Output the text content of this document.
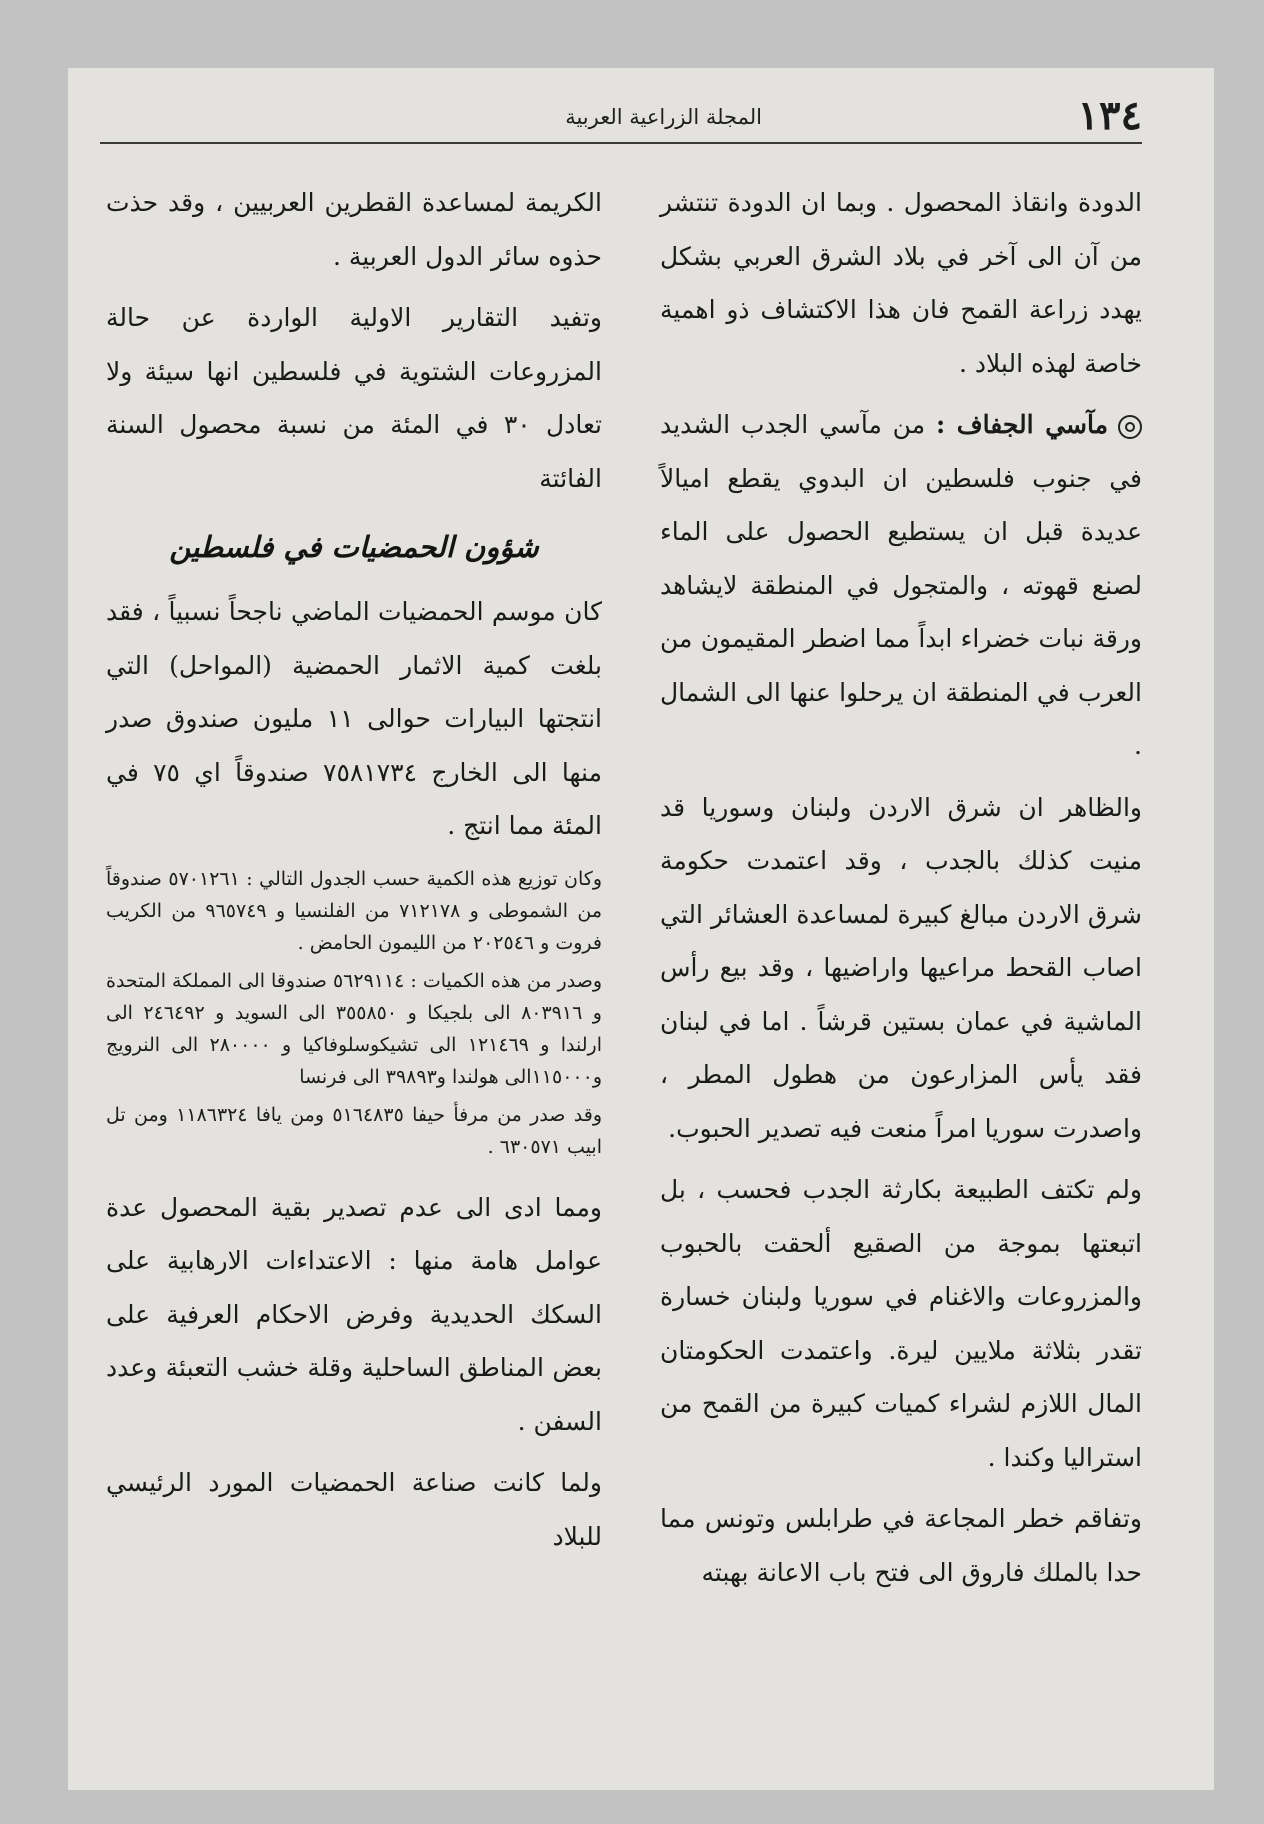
١٣٤
المجلة الزراعية العربية

الدودة وانقاذ المحصول . وبما ان الدودة تنتشر من آن الى آخر في بلاد الشرق العربي بشكل يهدد زراعة القمح فان هذا الاكتشاف ذو اهمية خاصة لهذه البلاد .

مآسي الجفاف : من مآسي الجدب الشديد في جنوب فلسطين ان البدوي يقطع اميالاً عديدة قبل ان يستطيع الحصول على الماء لصنع قهوته ، والمتجول في المنطقة لايشاهد ورقة نبات خضراء ابداً مما اضطر المقيمون من العرب في المنطقة ان يرحلوا عنها الى الشمال .

والظاهر ان شرق الاردن ولبنان وسوريا قد منيت كذلك بالجدب ، وقد اعتمدت حكومة شرق الاردن مبالغ كبيرة لمساعدة العشائر التي اصاب القحط مراعيها واراضيها ، وقد بيع رأس الماشية في عمان بستين قرشاً . اما في لبنان فقد يأس المزارعون من هطول المطر ، واصدرت سوريا امراً منعت فيه تصدير الحبوب.

ولم تكتف الطبيعة بكارثة الجدب فحسب ، بل اتبعتها بموجة من الصقيع ألحقت بالحبوب والمزروعات والاغنام في سوريا ولبنان خسارة تقدر بثلاثة ملايين ليرة. واعتمدت الحكومتان المال اللازم لشراء كميات كبيرة من القمح من استراليا وكندا .

وتفاقم خطر المجاعة في طرابلس وتونس مما حدا بالملك فاروق الى فتح باب الاعانة بهبته

الكريمة لمساعدة القطرين العربيين ، وقد حذت حذوه سائر الدول العربية .

وتفيد التقارير الاولية الواردة عن حالة المزروعات الشتوية في فلسطين انها سيئة ولا تعادل ٣٠ في المئة من نسبة محصول السنة الفائتة

شؤون الحمضيات في فلسطين

كان موسم الحمضيات الماضي ناجحاً نسبياً ، فقد بلغت كمية الاثمار الحمضية (المواحل) التي انتجتها البيارات حوالى ١١ مليون صندوق صدر منها الى الخارج ٧٥٨١٧٣٤ صندوقاً اي ٧٥ في المئة مما انتج .

وكان توزيع هذه الكمية حسب الجدول التالي : ٥٧٠١٢٦١ صندوقاً من الشموطى و ٧١٢١٧٨ من الفلنسيا و ٩٦٥٧٤٩ من الكريب فروت و ٢٠٢٥٤٦ من الليمون الحامض .

وصدر من هذه الكميات : ٥٦٢٩١١٤ صندوقا الى المملكة المتحدة و ٨٠٣٩١٦ الى بلجيكا و ٣٥٥٨٥٠ الى السويد و ٢٤٦٤٩٢ الى ارلندا و ١٢١٤٦٩ الى تشيكوسلوفاكيا و ٢٨٠٠٠٠ الى النرويج و١١٥٠٠٠الى هولندا و٣٩٨٩٣ الى فرنسا

وقد صدر من مرفأ حيفا ٥١٦٤٨٣٥ ومن يافا ١١٨٦٣٢٤ ومن تل ابيب ٦٣٠٥٧١ .

ومما ادى الى عدم تصدير بقية المحصول عدة عوامل هامة منها : الاعتداءات الارهابية على السكك الحديدية وفرض الاحكام العرفية على بعض المناطق الساحلية وقلة خشب التعبئة وعدد السفن .

ولما كانت صناعة الحمضيات المورد الرئيسي للبلاد
